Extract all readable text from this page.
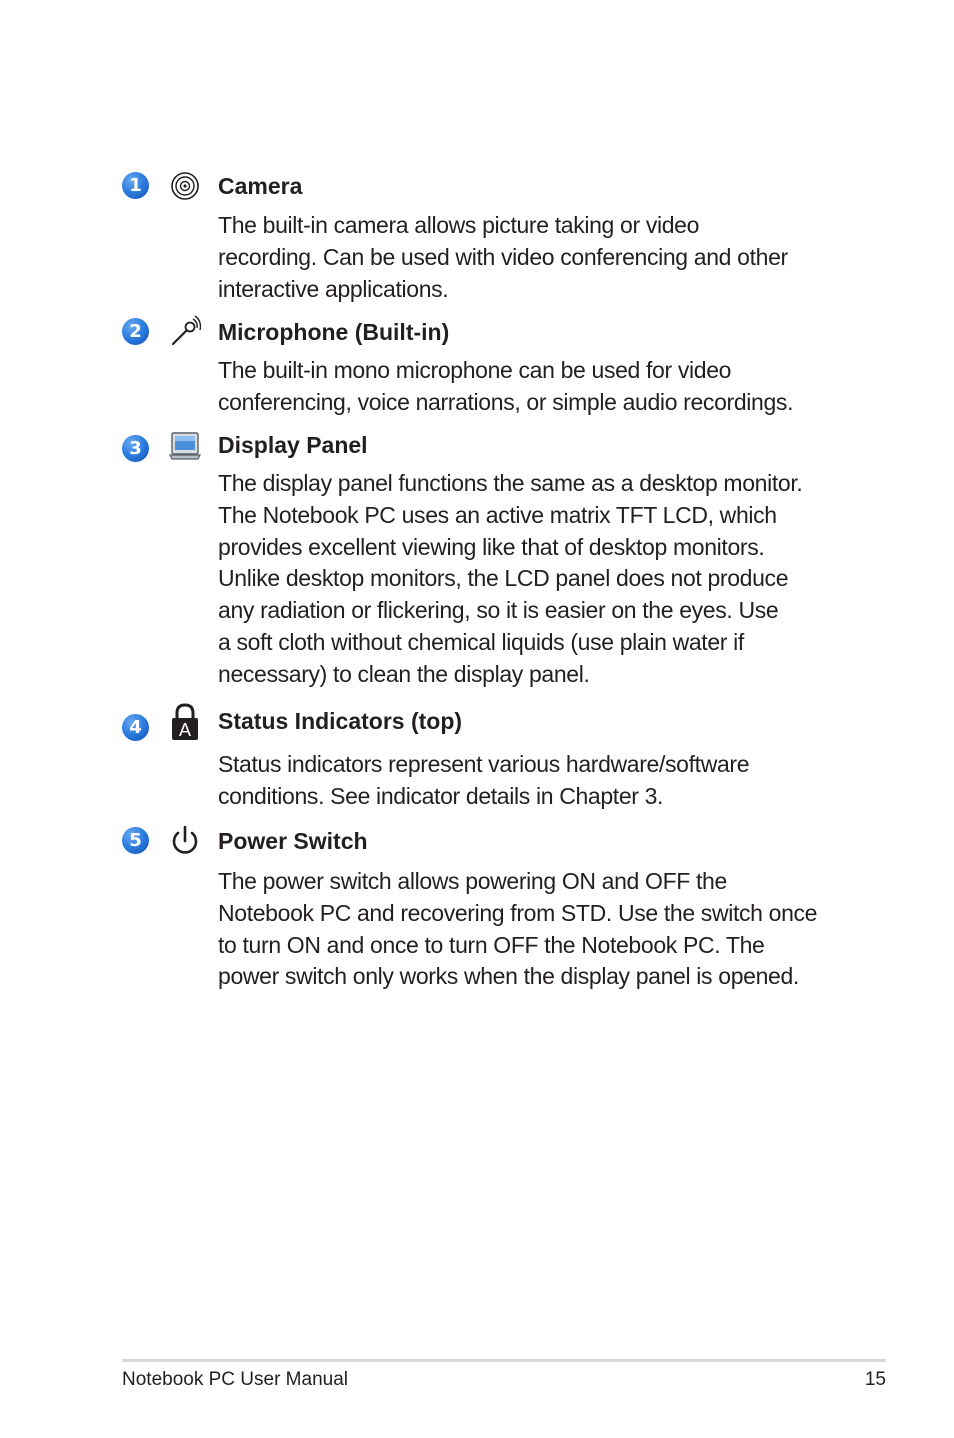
1	Camera

The built-in camera allows picture taking or video
recording. Can be used with video conferencing and other
interactive applications.

2	Microphone (Built-in)

The built-in mono microphone can be used for video
conferencing, voice narrations, or simple audio recordings.

3	Display Panel

The display panel functions the same as a desktop monitor.
The Notebook PC uses an active matrix TFT LCD, which
provides excellent viewing like that of desktop monitors.
Unlike desktop monitors, the LCD panel does not produce
any radiation or flickering, so it is easier on the eyes. Use
a soft cloth without chemical liquids (use plain water if
necessary) to clean the display panel.

4	A Status Indicators (top)

Status indicators represent various hardware/software
conditions. See indicator details in Chapter 3.

5	Power Switch

The power switch allows powering ON and OFF the
Notebook PC and recovering from STD. Use the switch once
to turn ON and once to turn OFF the Notebook PC. The
power switch only works when the display panel is opened.

Notebook PC User Manual	15
